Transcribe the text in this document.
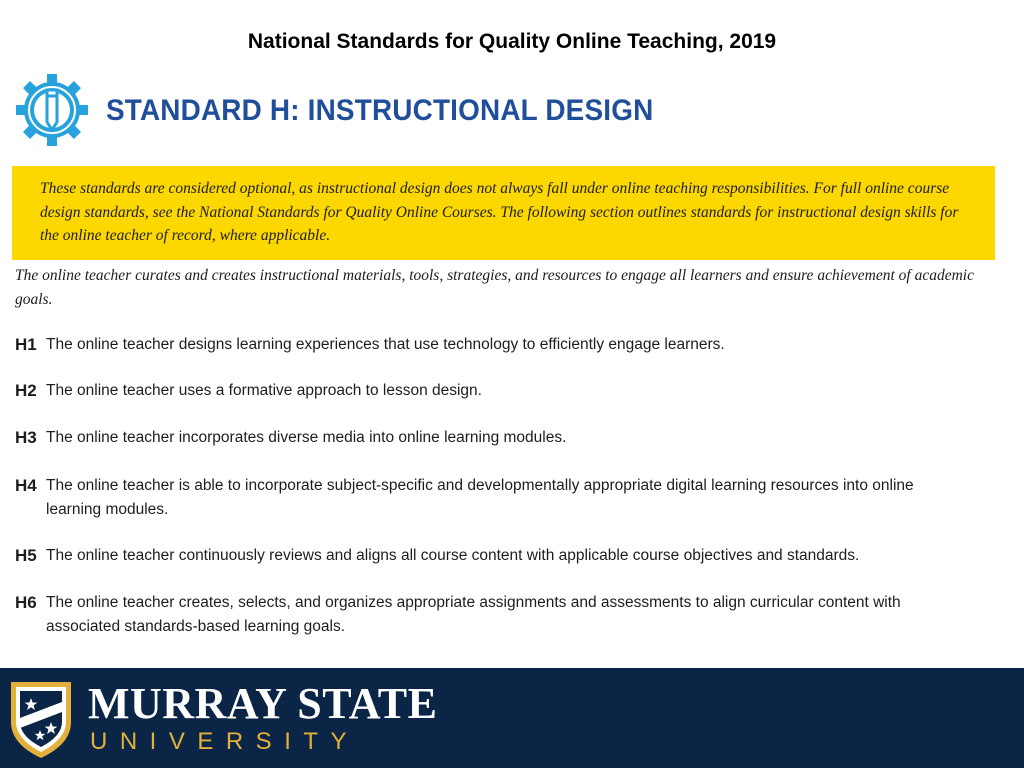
National Standards for Quality Online Teaching, 2019
STANDARD H: INSTRUCTIONAL DESIGN
These standards are considered optional, as instructional design does not always fall under online teaching responsibilities. For full online course design standards, see the National Standards for Quality Online Courses. The following section outlines standards for instructional design skills for the online teacher of record, where applicable.
The online teacher curates and creates instructional materials, tools, strategies, and resources to engage all learners and ensure achievement of academic goals.
H1 The online teacher designs learning experiences that use technology to efficiently engage learners.
H2 The online teacher uses a formative approach to lesson design.
H3 The online teacher incorporates diverse media into online learning modules.
H4 The online teacher is able to incorporate subject-specific and developmentally appropriate digital learning resources into online learning modules.
H5 The online teacher continuously reviews and aligns all course content with applicable course objectives and standards.
H6 The online teacher creates, selects, and organizes appropriate assignments and assessments to align curricular content with associated standards-based learning goals.
MURRAY STATE
UNIVERSITY
